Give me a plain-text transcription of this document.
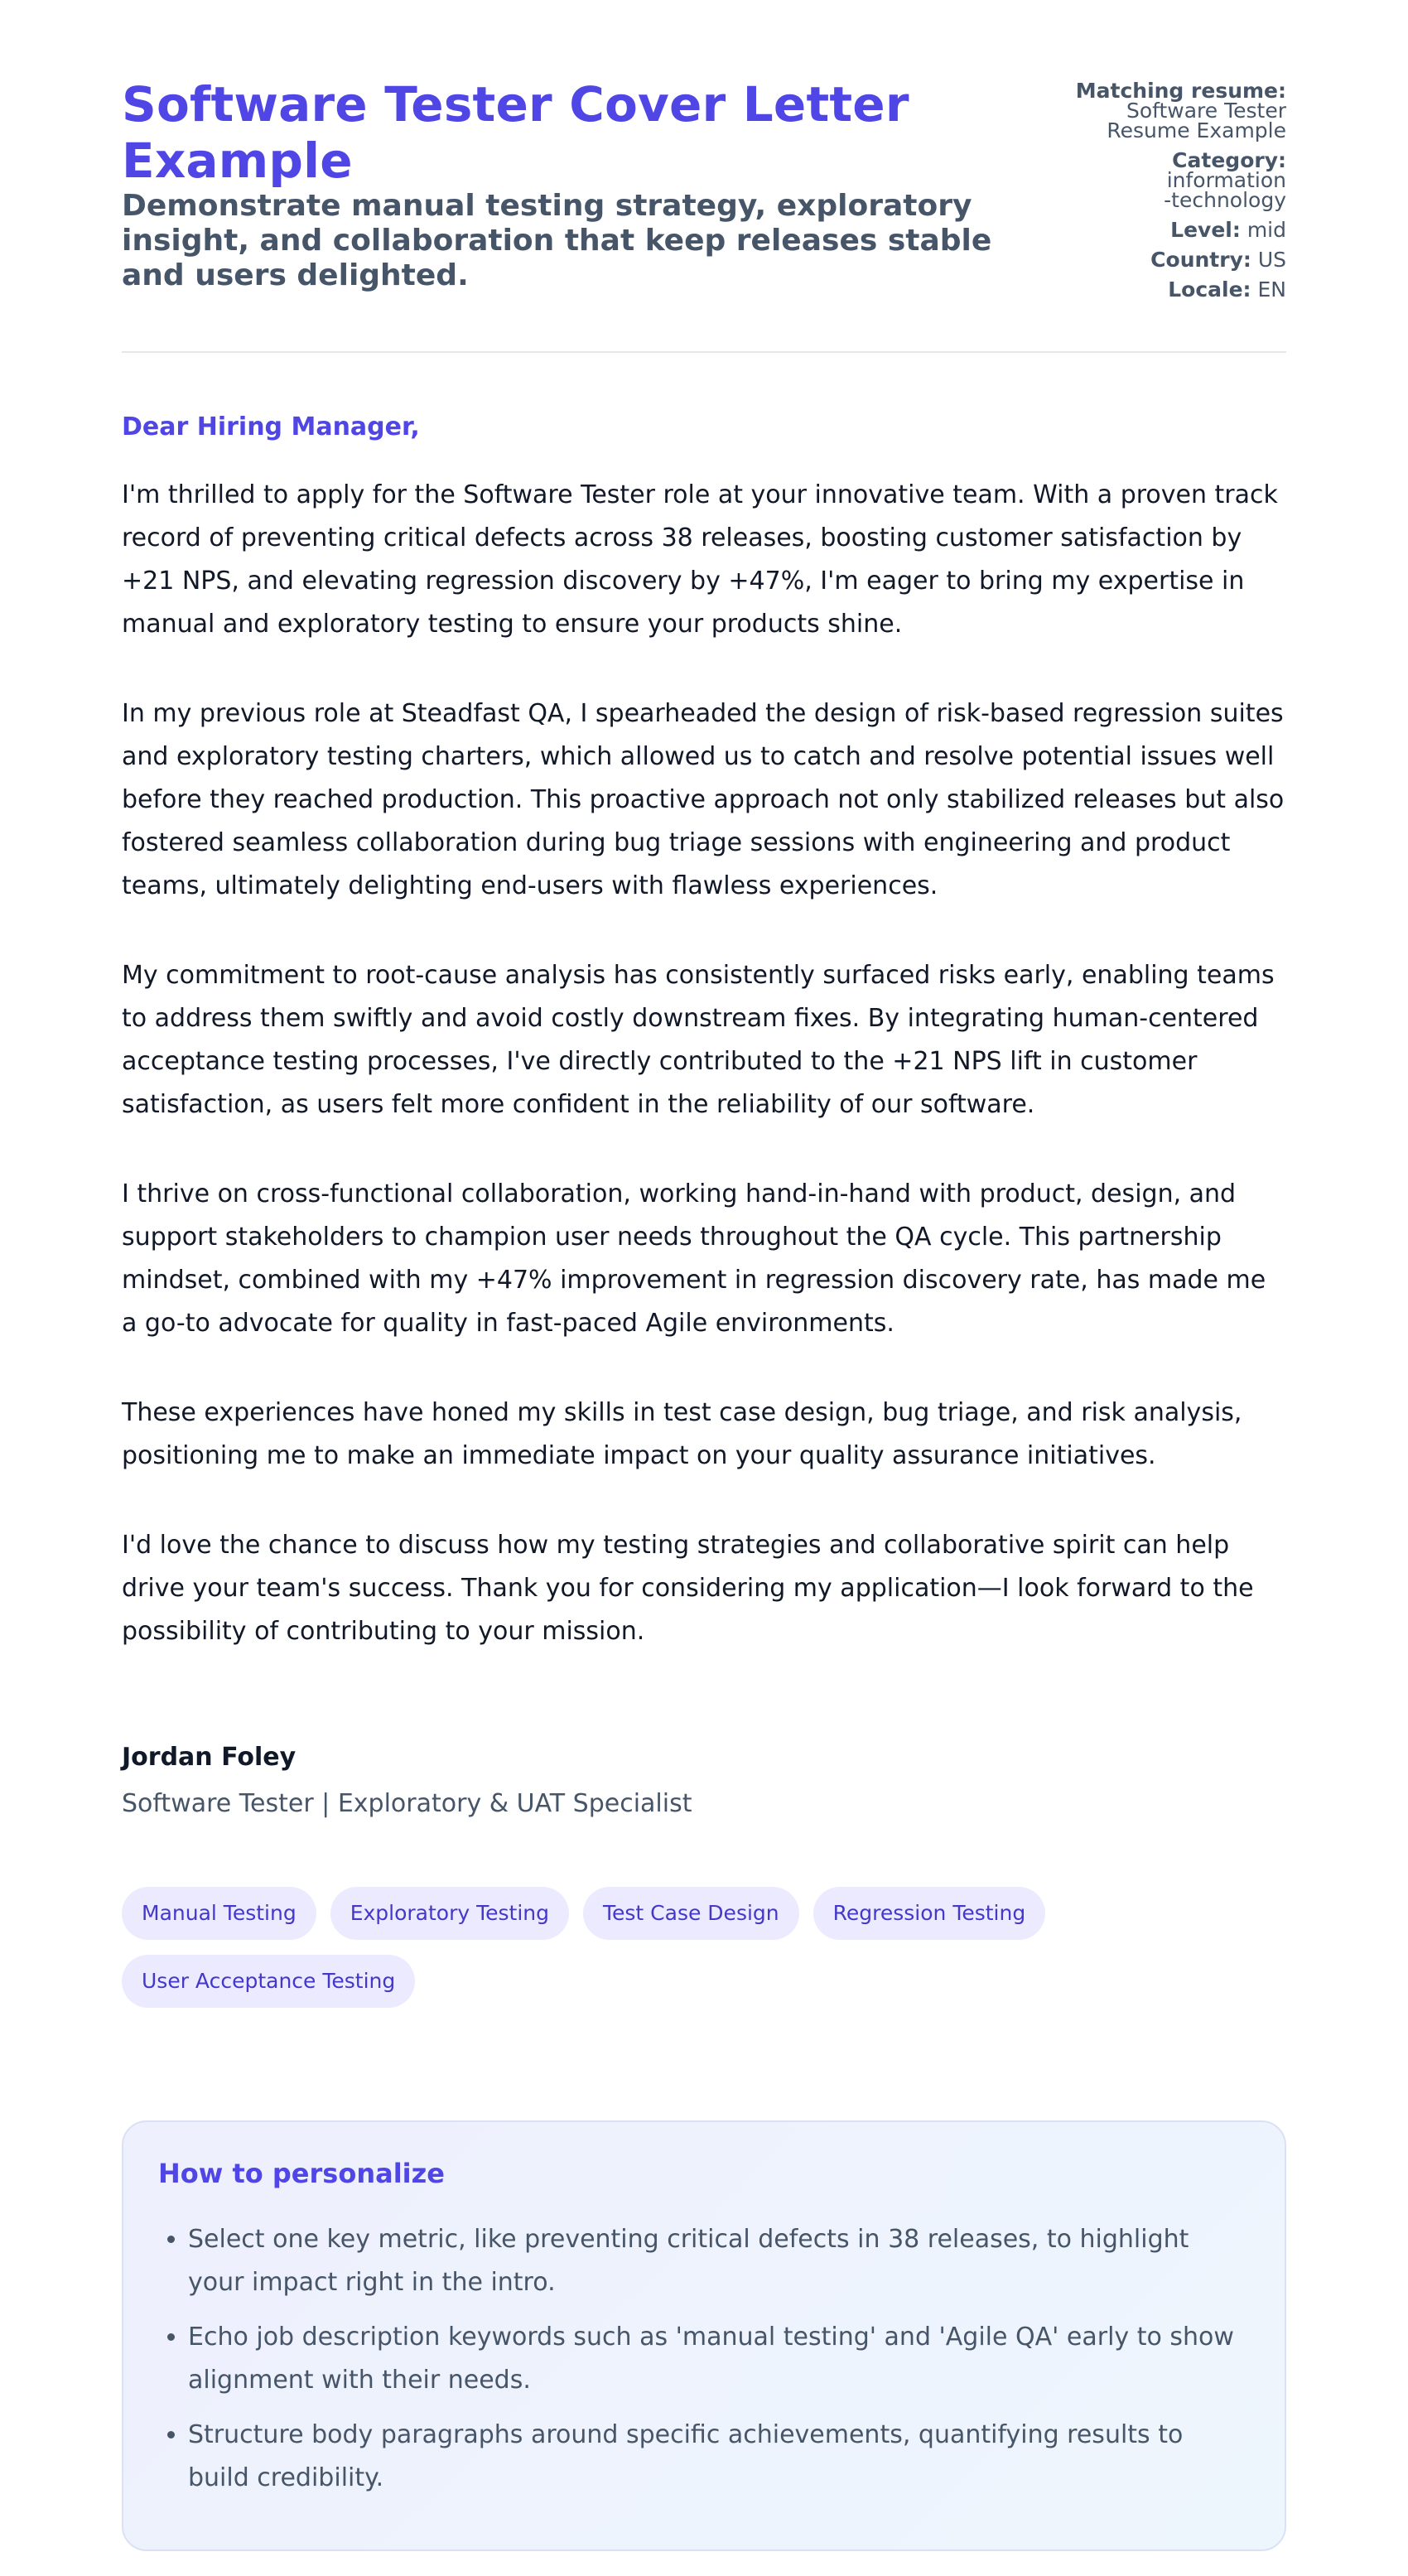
Software Tester Cover Letter Example
Demonstrate manual testing strategy, exploratory insight, and collaboration that keep releases stable and users delighted.
Matching resume:
Software Tester Resume Example
Category:
information-technology
Level: mid
Country: US
Locale: EN

Dear Hiring Manager,

I'm thrilled to apply for the Software Tester role at your innovative team. With a proven track record of preventing critical defects across 38 releases, boosting customer satisfaction by +21 NPS, and elevating regression discovery by +47%, I'm eager to bring my expertise in manual and exploratory testing to ensure your products shine.

In my previous role at Steadfast QA, I spearheaded the design of risk-based regression suites and exploratory testing charters, which allowed us to catch and resolve potential issues well before they reached production. This proactive approach not only stabilized releases but also fostered seamless collaboration during bug triage sessions with engineering and product teams, ultimately delighting end-users with flawless experiences.

My commitment to root-cause analysis has consistently surfaced risks early, enabling teams to address them swiftly and avoid costly downstream fixes. By integrating human-centered acceptance testing processes, I've directly contributed to the +21 NPS lift in customer satisfaction, as users felt more confident in the reliability of our software.

I thrive on cross-functional collaboration, working hand-in-hand with product, design, and support stakeholders to champion user needs throughout the QA cycle. This partnership mindset, combined with my +47% improvement in regression discovery rate, has made me a go-to advocate for quality in fast-paced Agile environments.

These experiences have honed my skills in test case design, bug triage, and risk analysis, positioning me to make an immediate impact on your quality assurance initiatives.

I'd love the chance to discuss how my testing strategies and collaborative spirit can help drive your team's success. Thank you for considering my application—I look forward to the possibility of contributing to your mission.

Jordan Foley
Software Tester | Exploratory & UAT Specialist
Manual Testing	Exploratory Testing	Test Case Design	Regression Testing
User Acceptance Testing
How to personalize
• Select one key metric, like preventing critical defects in 38 releases, to highlight your impact right in the intro.
• Echo job description keywords such as 'manual testing' and 'Agile QA' early to show alignment with their needs.
• Structure body paragraphs around specific achievements, quantifying results to build credibility.
